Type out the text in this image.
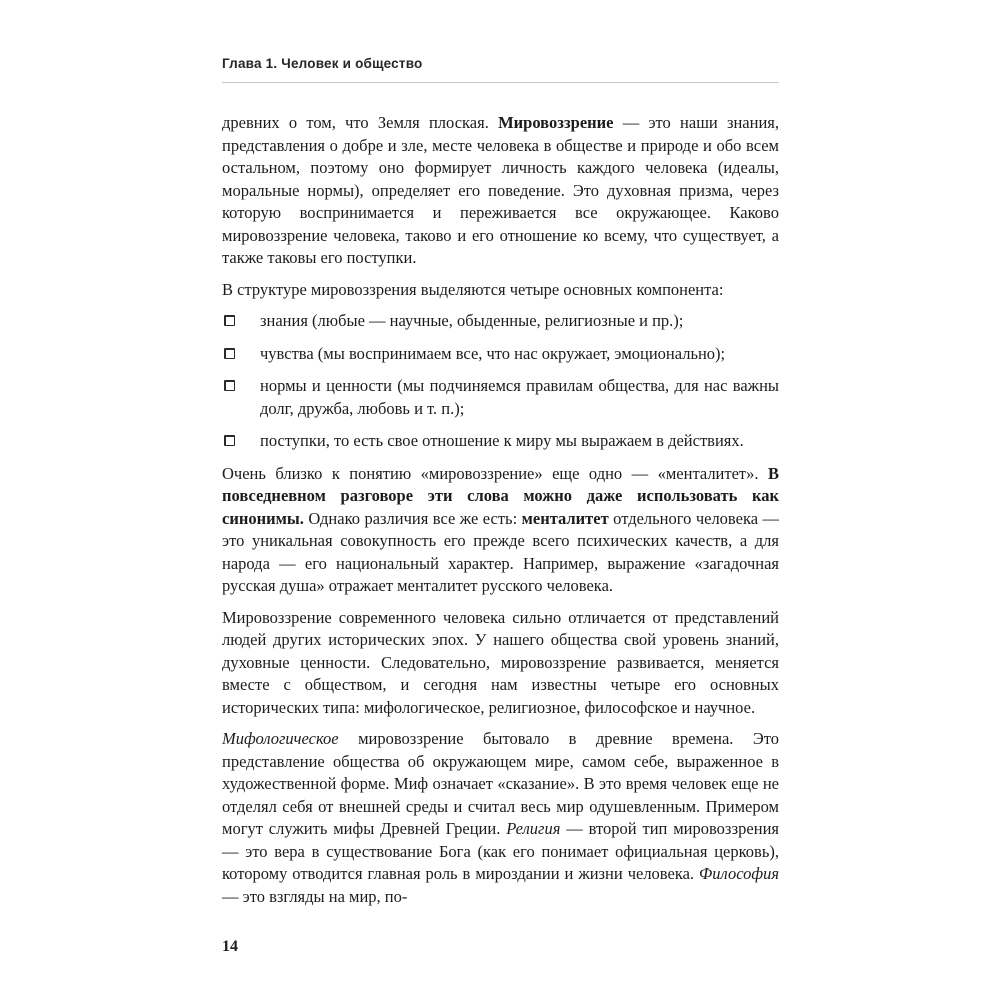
Глава 1. Человек и общество

древних о том, что Земля плоская. Мировоззрение — это наши знания, представления о добре и зле, месте человека в обществе и природе и обо всем остальном, поэтому оно формирует личность каждого человека (идеалы, моральные нормы), определяет его поведение. Это духовная призма, через которую воспринимается и переживается все окружающее. Каково мировоззрение человека, таково и его отношение ко всему, что существует, а также таковы его поступки.

В структуре мировоззрения выделяются четыре основных компонента:

знания (любые — научные, обыденные, религиозные и пр.);
чувства (мы воспринимаем все, что нас окружает, эмоционально);
нормы и ценности (мы подчиняемся правилам общества, для нас важны долг, дружба, любовь и т. п.);
поступки, то есть свое отношение к миру мы выражаем в действиях.

Очень близко к понятию «мировоззрение» еще одно — «менталитет». В повседневном разговоре эти слова можно даже использовать как синонимы. Однако различия все же есть: менталитет отдельного человека — это уникальная совокупность его прежде всего психических качеств, а для народа — его национальный характер. Например, выражение «загадочная русская душа» отражает менталитет русского человека.

Мировоззрение современного человека сильно отличается от представлений людей других исторических эпох. У нашего общества свой уровень знаний, духовные ценности. Следовательно, мировоззрение развивается, меняется вместе с обществом, и сегодня нам известны четыре его основных исторических типа: мифологическое, религиозное, философское и научное.

Мифологическое мировоззрение бытовало в древние времена. Это представление общества об окружающем мире, самом себе, выраженное в художественной форме. Миф означает «сказание». В это время человек еще не отделял себя от внешней среды и считал весь мир одушевленным. Примером могут служить мифы Древней Греции. Религия — второй тип мировоззрения — это вера в существование Бога (как его понимает официальная церковь), которому отводится главная роль в мироздании и жизни человека. Философия — это взгляды на мир, по-

14
